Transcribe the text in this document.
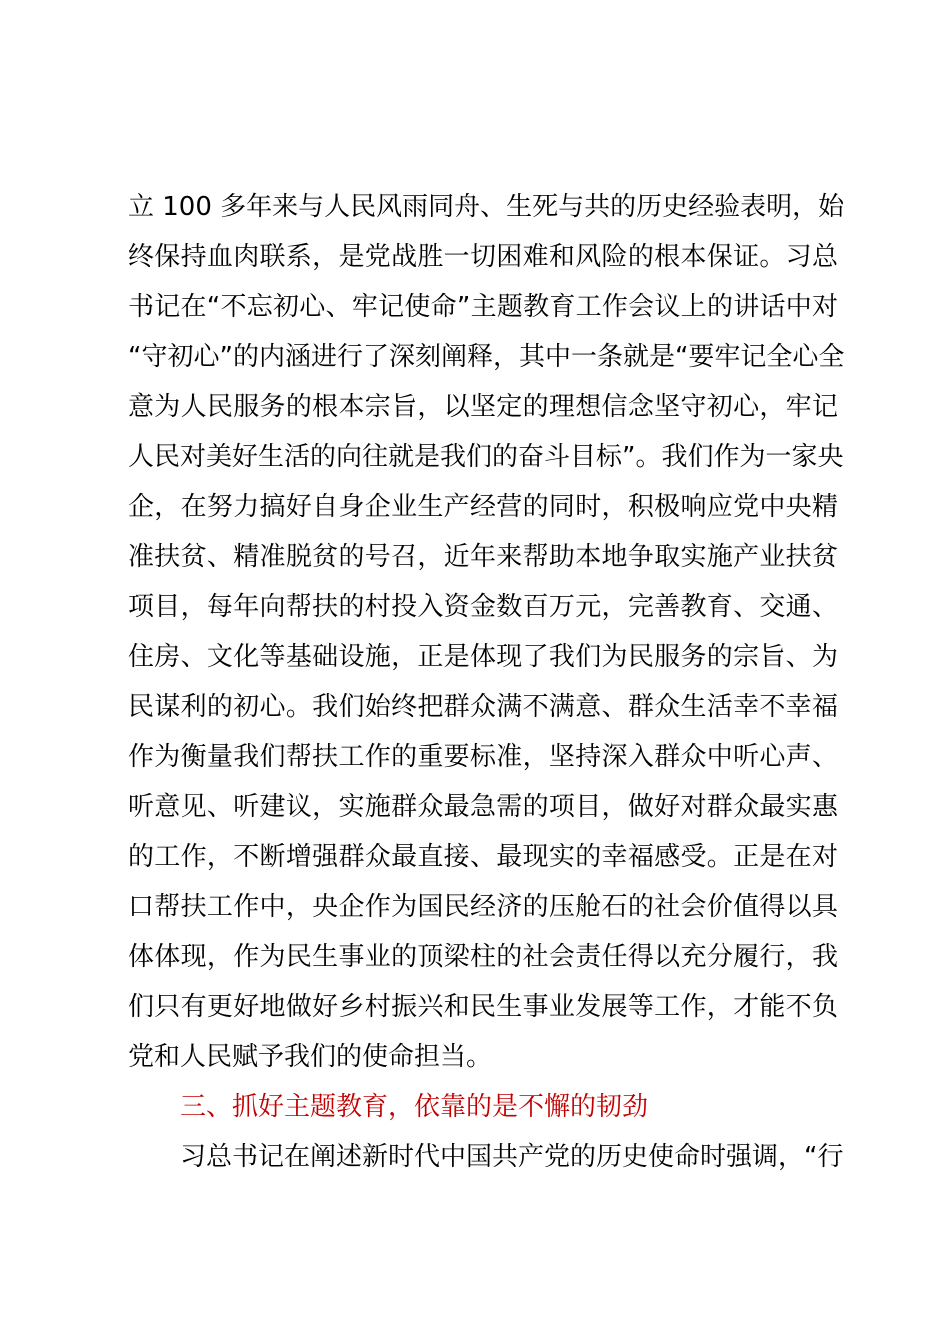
立 100 多年来与人民风雨同舟、生死与共的历史经验表明，始
终保持血肉联系，是党战胜一切困难和风险的根本保证。习总
书记在“不忘初心、牢记使命”主题教育工作会议上的讲话中对
“守初心”的内涵进行了深刻阐释，其中一条就是“要牢记全心全
意为人民服务的根本宗旨，以坚定的理想信念坚守初心，牢记
人民对美好生活的向往就是我们的奋斗目标”。我们作为一家央
企，在努力搞好自身企业生产经营的同时，积极响应党中央精
准扶贫、精准脱贫的号召，近年来帮助本地争取实施产业扶贫
项目，每年向帮扶的村投入资金数百万元，完善教育、交通、
住房、文化等基础设施，正是体现了我们为民服务的宗旨、为
民谋利的初心。我们始终把群众满不满意、群众生活幸不幸福
作为衡量我们帮扶工作的重要标准，坚持深入群众中听心声、
听意见、听建议，实施群众最急需的项目，做好对群众最实惠
的工作，不断增强群众最直接、最现实的幸福感受。正是在对
口帮扶工作中，央企作为国民经济的压舱石的社会价值得以具
体体现，作为民生事业的顶梁柱的社会责任得以充分履行，我
们只有更好地做好乡村振兴和民生事业发展等工作，才能不负
党和人民赋予我们的使命担当。
三、抓好主题教育，依靠的是不懈的韧劲
习总书记在阐述新时代中国共产党的历史使命时强调，“行
